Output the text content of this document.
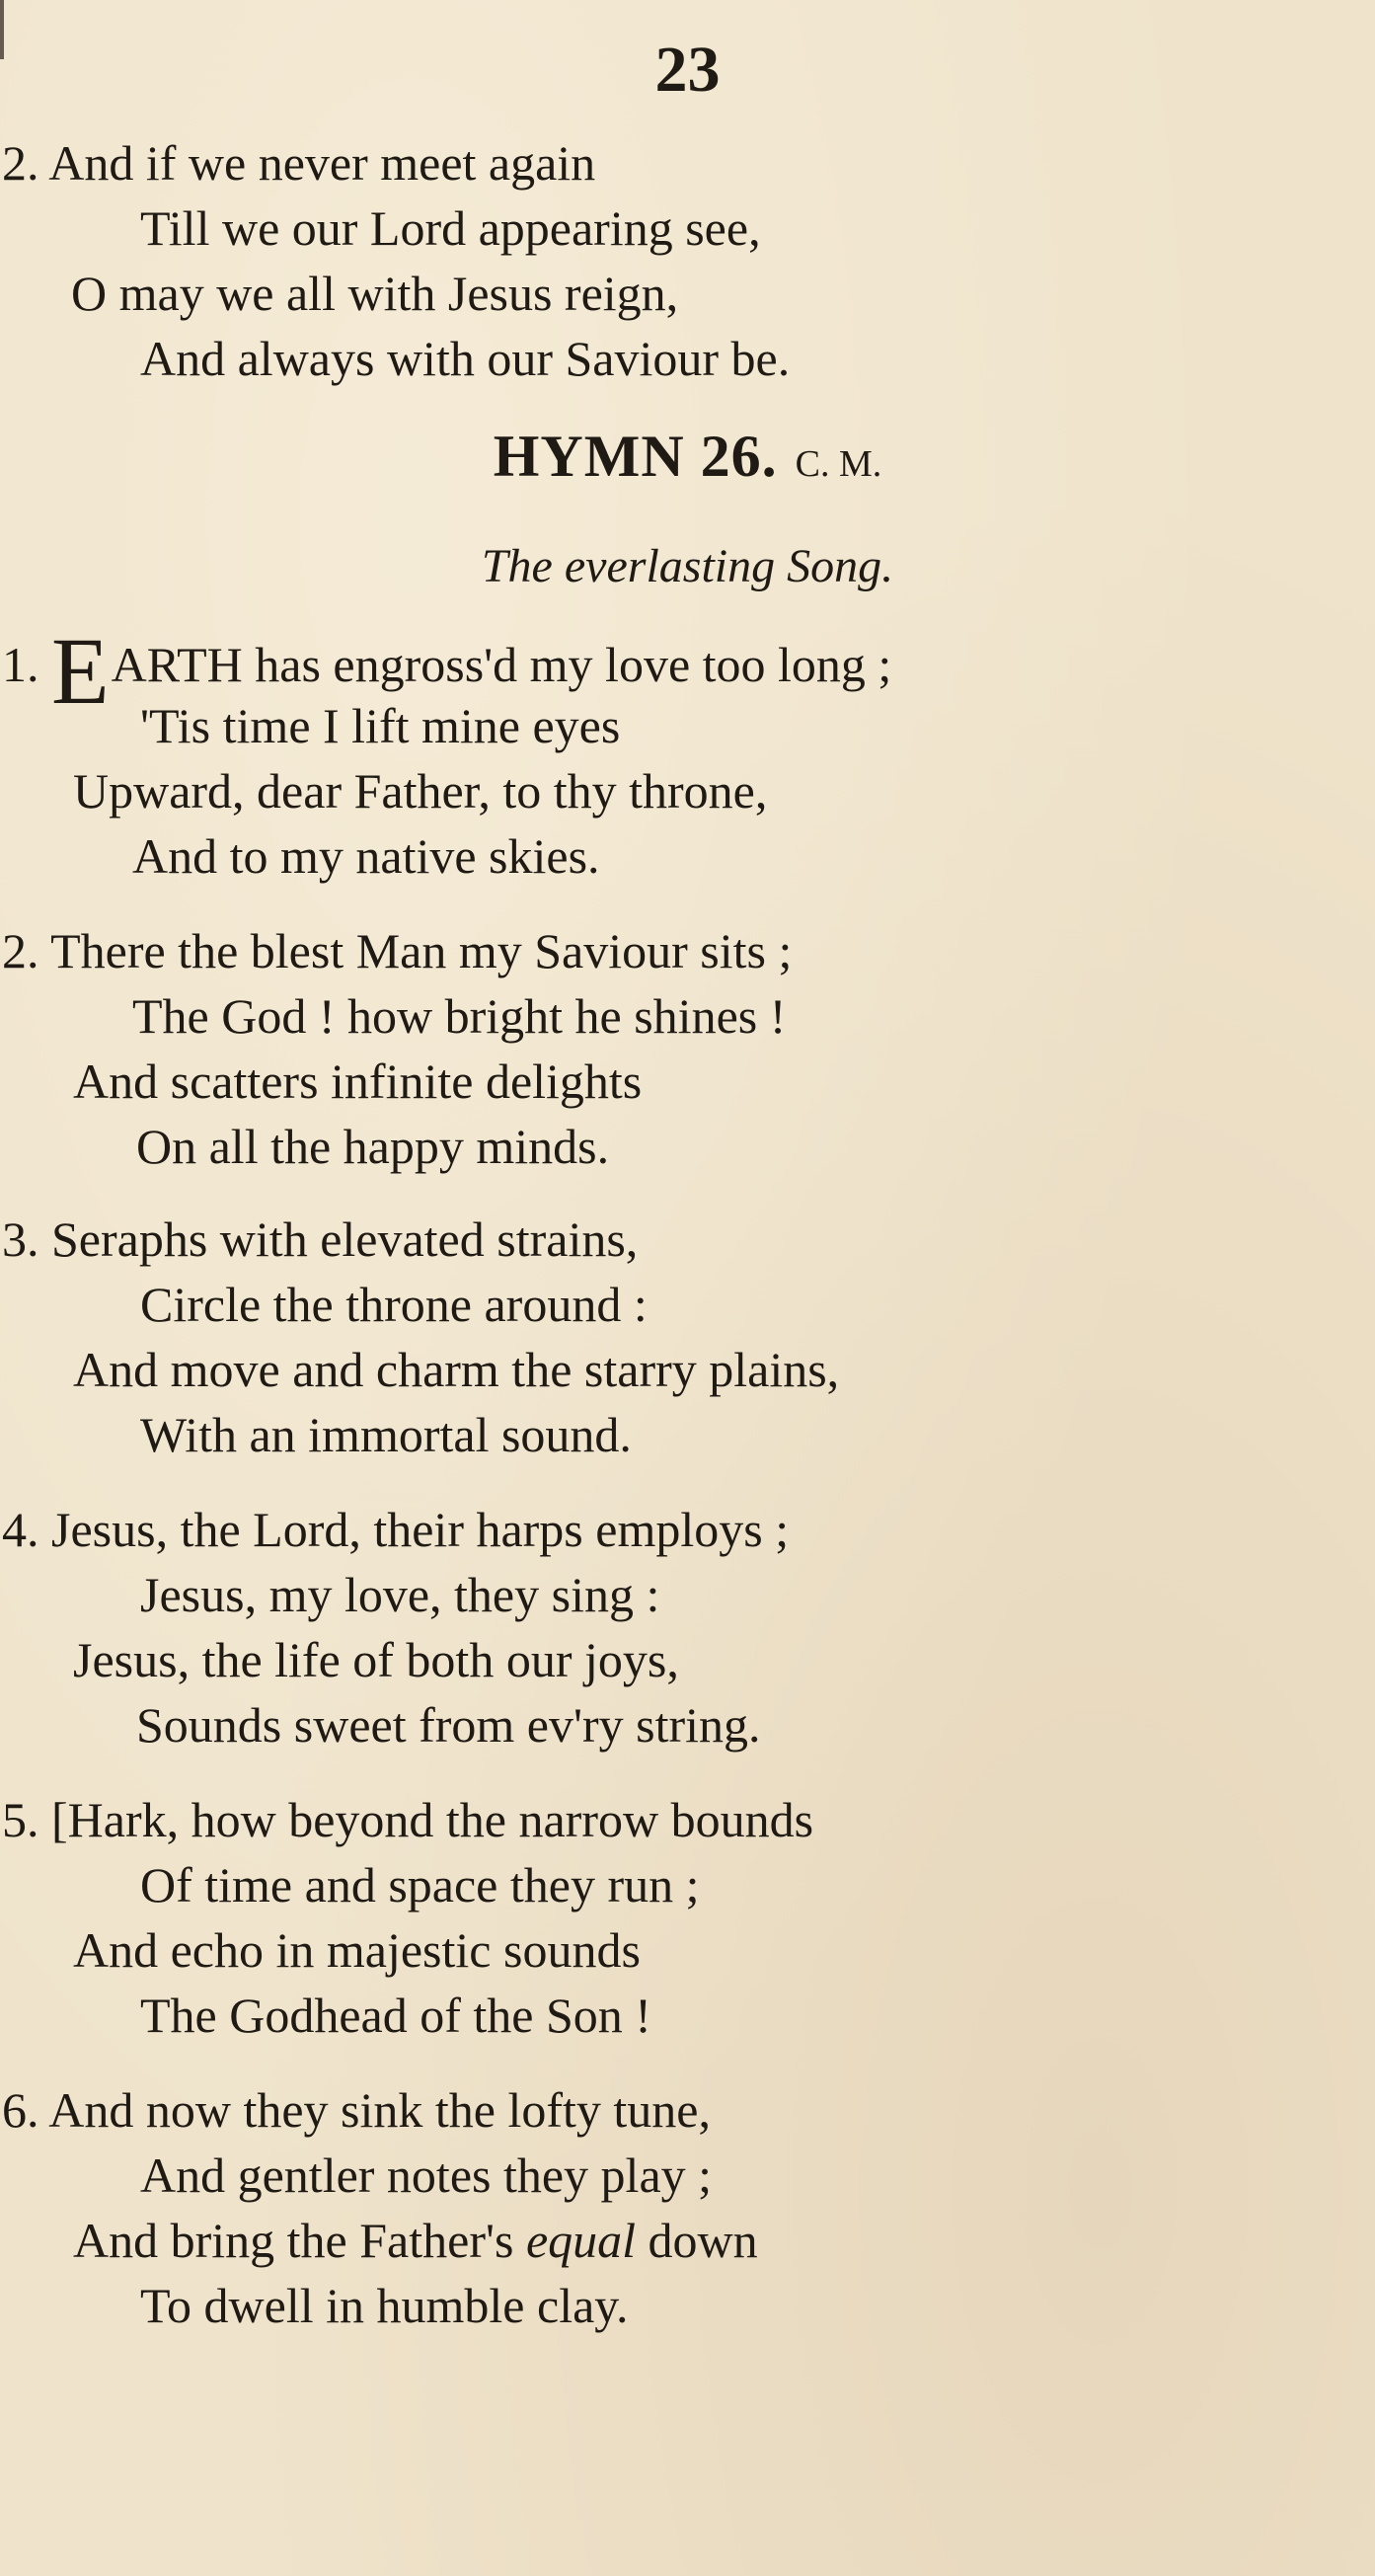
23
2. And if we never meet again
Till we our Lord appearing see,
O may we all with Jesus reign,
And always with our Saviour be.
HYMN 26. C. M.
The everlasting Song.
1. EARTH has engross'd my love too long ;
'Tis time I lift mine eyes
Upward, dear Father, to thy throne,
And to my native skies.
2. There the blest Man my Saviour sits ;
The God ! how bright he shines !
And scatters infinite delights
On all the happy minds.
3. Seraphs with elevated strains,
Circle the throne around :
And move and charm the starry plains,
With an immortal sound.
4. Jesus, the Lord, their harps employs ;
Jesus, my love, they sing :
Jesus, the life of both our joys,
Sounds sweet from ev'ry string.
5. [Hark, how beyond the narrow bounds
Of time and space they run ;
And echo in majestic sounds
The Godhead of the Son !
6. And now they sink the lofty tune,
And gentler notes they play ;
And bring the Father's equal down
To dwell in humble clay.
